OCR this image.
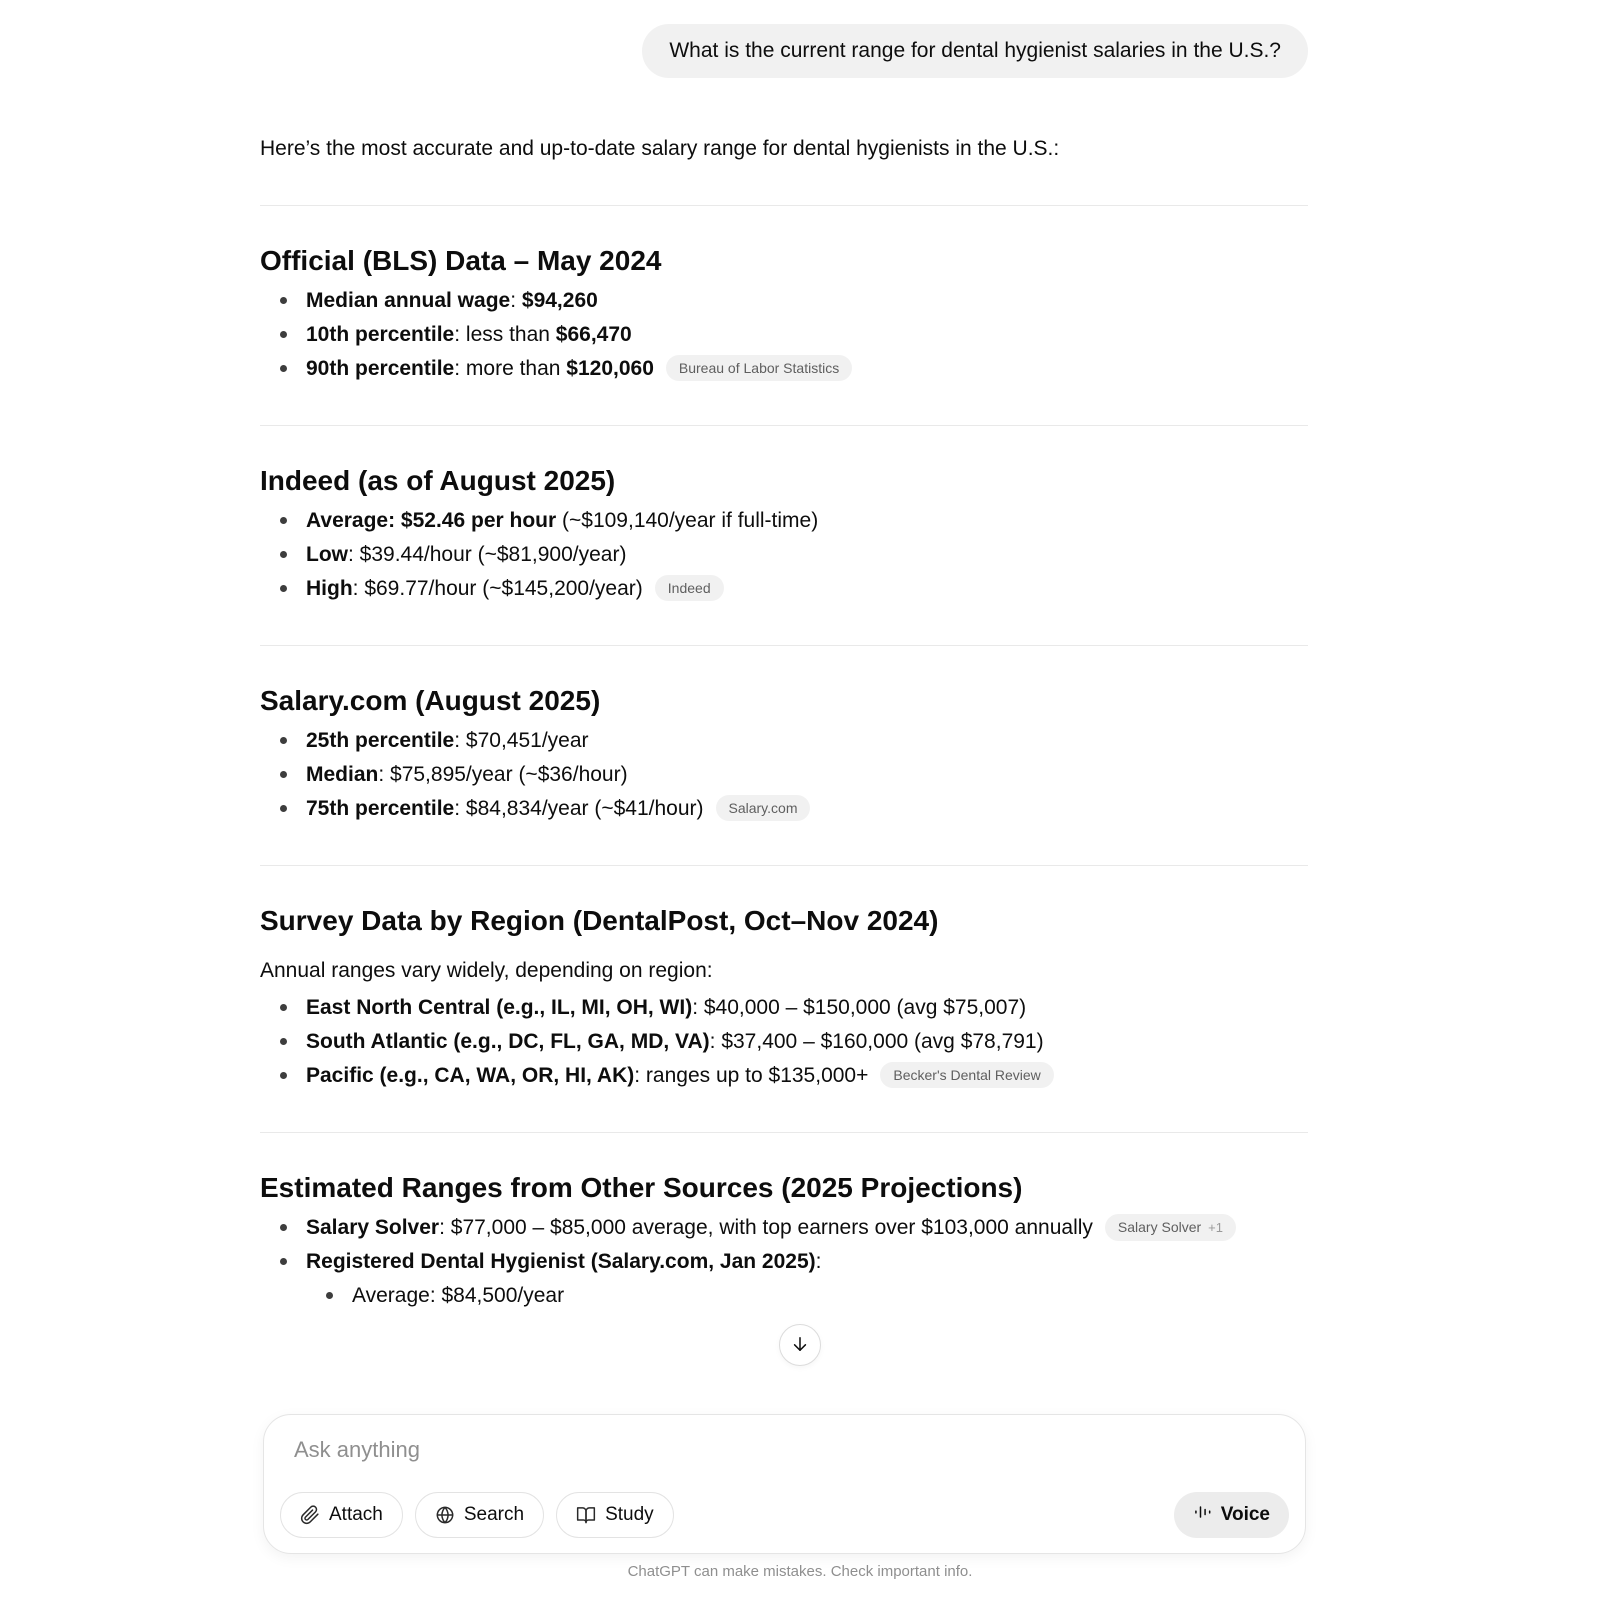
What is the current range for dental hygienist salaries in the U.S.?

Here’s the most accurate and up-to-date salary range for dental hygienists in the U.S.:

Official (BLS) Data – May 2024
Median annual wage: $94,260
10th percentile: less than $66,470
90th percentile: more than $120,060 Bureau of Labor Statistics
Indeed (as of August 2025)
Average: $52.46 per hour (~$109,140/year if full-time)
Low: $39.44/hour (~$81,900/year)
High: $69.77/hour (~$145,200/year) Indeed
Salary.com (August 2025)
25th percentile: $70,451/year
Median: $75,895/year (~$36/hour)
75th percentile: $84,834/year (~$41/hour) Salary.com
Survey Data by Region (DentalPost, Oct–Nov 2024)

Annual ranges vary widely, depending on region:

East North Central (e.g., IL, MI, OH, WI): $40,000 – $150,000 (avg $75,007)
South Atlantic (e.g., DC, FL, GA, MD, VA): $37,400 – $160,000 (avg $78,791)
Pacific (e.g., CA, WA, OR, HI, AK): ranges up to $135,000+ Becker's Dental Review
Estimated Ranges from Other Sources (2025 Projections)
Salary Solver: $77,000 – $85,000 average, with top earners over $103,000 annually Salary Solver +1
Registered Dental Hygienist (Salary.com, Jan 2025):
Average: $84,500/year
Ask anything
Attach	Search	Study	Voice
ChatGPT can make mistakes. Check important info.
